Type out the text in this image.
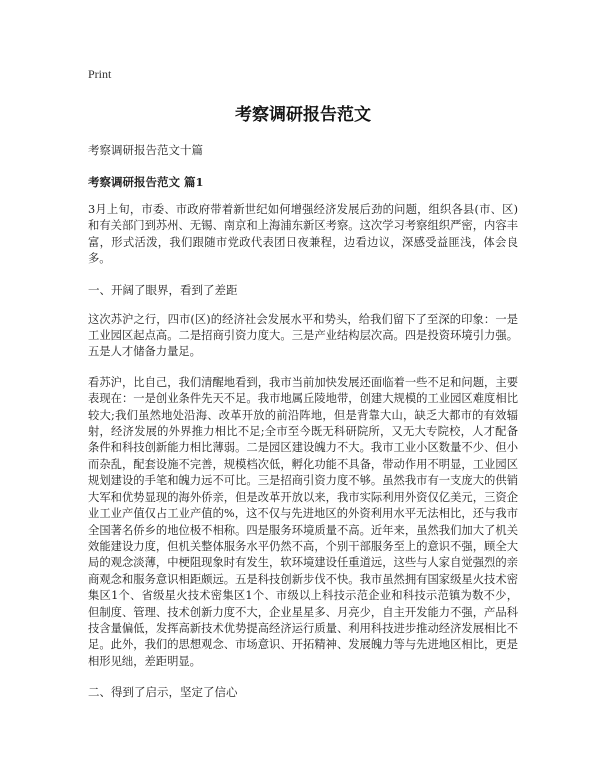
Print
考察调研报告范文
考察调研报告范文十篇
考察调研报告范文 篇1

3月上旬，市委、市政府带着新世纪如何增强经济发展后劲的问题，组织各县(市、区)和有关部门到苏州、无锡、南京和上海浦东新区考察。这次学习考察组织严密，内容丰富，形式活泼，我们跟随市党政代表团日夜兼程，边看边议，深感受益匪浅，体会良多。

一、开阔了眼界，看到了差距

这次苏沪之行，四市(区)的经济社会发展水平和势头，给我们留下了至深的印象：一是工业园区起点高。二是招商引资力度大。三是产业结构层次高。四是投资环境引力强。五是人才储备力量足。

看苏沪，比自己，我们清醒地看到，我市当前加快发展还面临着一些不足和问题，主要表现在：一是创业条件先天不足。我市地属丘陵地带，创建大规模的工业园区难度相比较大;我们虽然地处沿海、改革开放的前沿阵地，但是背靠大山，缺乏大都市的有效辐射，经济发展的外界推力相比不足;全市至今既无科研院所，又无大专院校，人才配备条件和科技创新能力相比薄弱。二是园区建设魄力不大。我市工业小区数量不少、但小而杂乱，配套设施不完善，规模档次低，孵化功能不具备，带动作用不明显，工业园区规划建设的手笔和魄力远不可比。三是招商引资力度不够。虽然我市有一支庞大的供销大军和优势显现的海外侨亲，但是改革开放以来，我市实际利用外资仅亿美元，三资企业工业产值仅占工业产值的%，这不仅与先进地区的外资利用水平无法相比，还与我市全国著名侨乡的地位极不相称。四是服务环境质量不高。近年来，虽然我们加大了机关效能建设力度，但机关整体服务水平仍然不高，个别干部服务至上的意识不强，顾全大局的观念淡薄，中梗阻现象时有发生，软环境建设任重道远，这些与人家自觉强烈的亲商观念和服务意识相距颇远。五是科技创新步伐不快。我市虽然拥有国家级星火技术密集区1个、省级星火技术密集区1个、市级以上科技示范企业和科技示范镇为数不少，但制度、管理、技术创新力度不大，企业星星多、月亮少，自主开发能力不强，产品科技含量偏低，发挥高新技术优势提高经济运行质量、利用科技进步推动经济发展相比不足。此外，我们的思想观念、市场意识、开拓精神、发展魄力等与先进地区相比，更是相形见绌，差距明显。

二、得到了启示，坚定了信心
